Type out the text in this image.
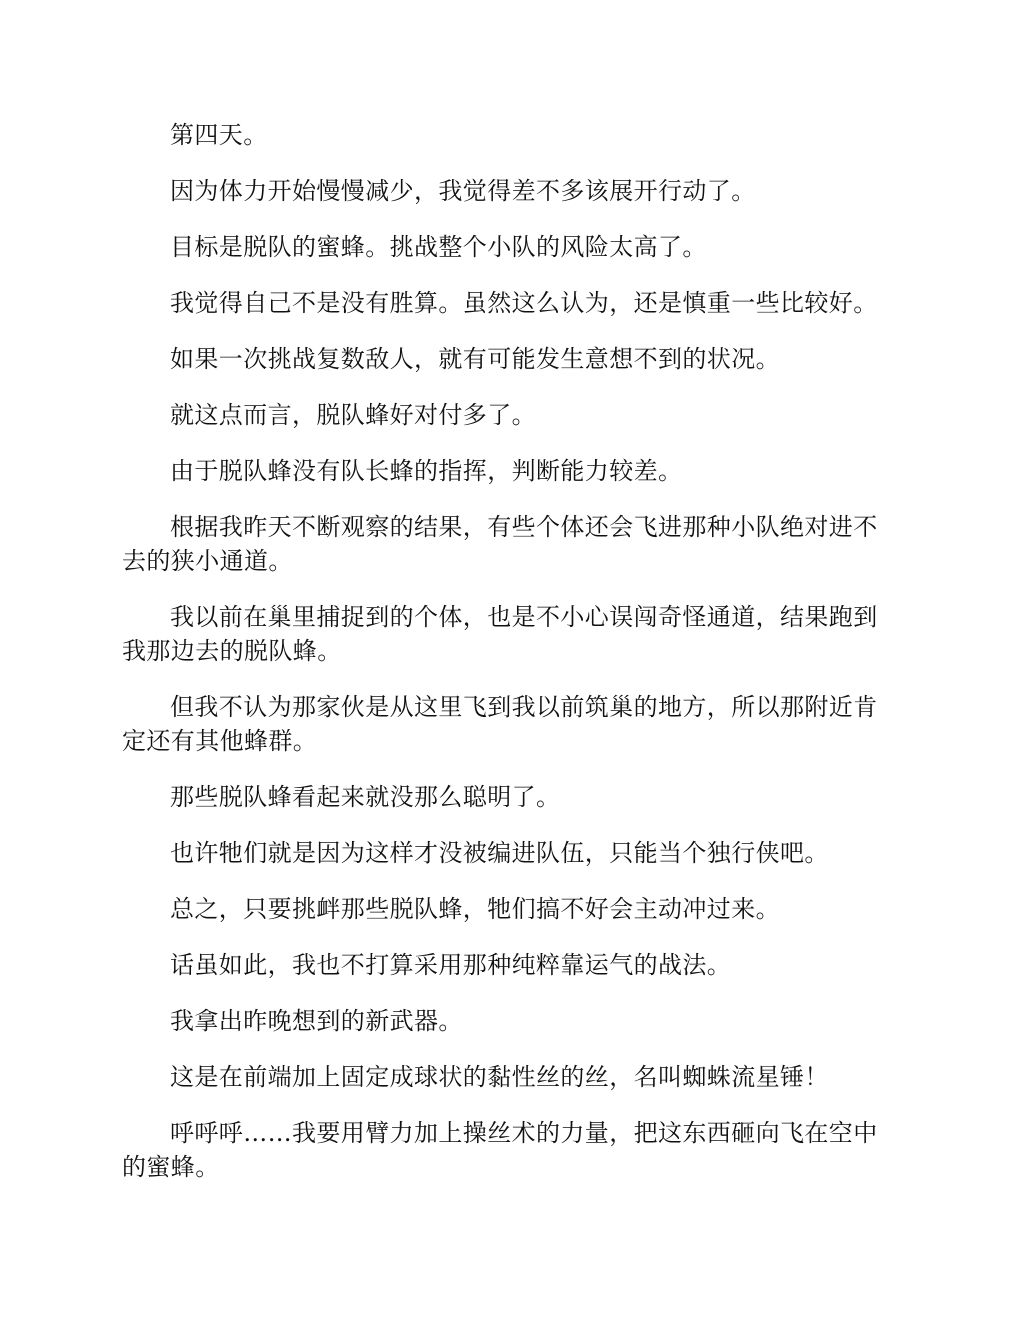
第四天。

因为体力开始慢慢减少，我觉得差不多该展开行动了。

目标是脱队的蜜蜂。挑战整个小队的风险太高了。

我觉得自己不是没有胜算。虽然这么认为，还是慎重一些比较好。

如果一次挑战复数敌人，就有可能发生意想不到的状况。

就这点而言，脱队蜂好对付多了。

由于脱队蜂没有队长蜂的指挥，判断能力较差。

根据我昨天不断观察的结果，有些个体还会飞进那种小队绝对进不去的狭小通道。

我以前在巢里捕捉到的个体，也是不小心误闯奇怪通道，结果跑到我那边去的脱队蜂。

但我不认为那家伙是从这里飞到我以前筑巢的地方，所以那附近肯定还有其他蜂群。

那些脱队蜂看起来就没那么聪明了。

也许牠们就是因为这样才没被编进队伍，只能当个独行侠吧。

总之，只要挑衅那些脱队蜂，牠们搞不好会主动冲过来。

话虽如此，我也不打算采用那种纯粹靠运气的战法。

我拿出昨晚想到的新武器。

这是在前端加上固定成球状的黏性丝的丝，名叫蜘蛛流星锤！

呼呼呼……我要用臂力加上操丝术的力量，把这东西砸向飞在空中的蜜蜂。
